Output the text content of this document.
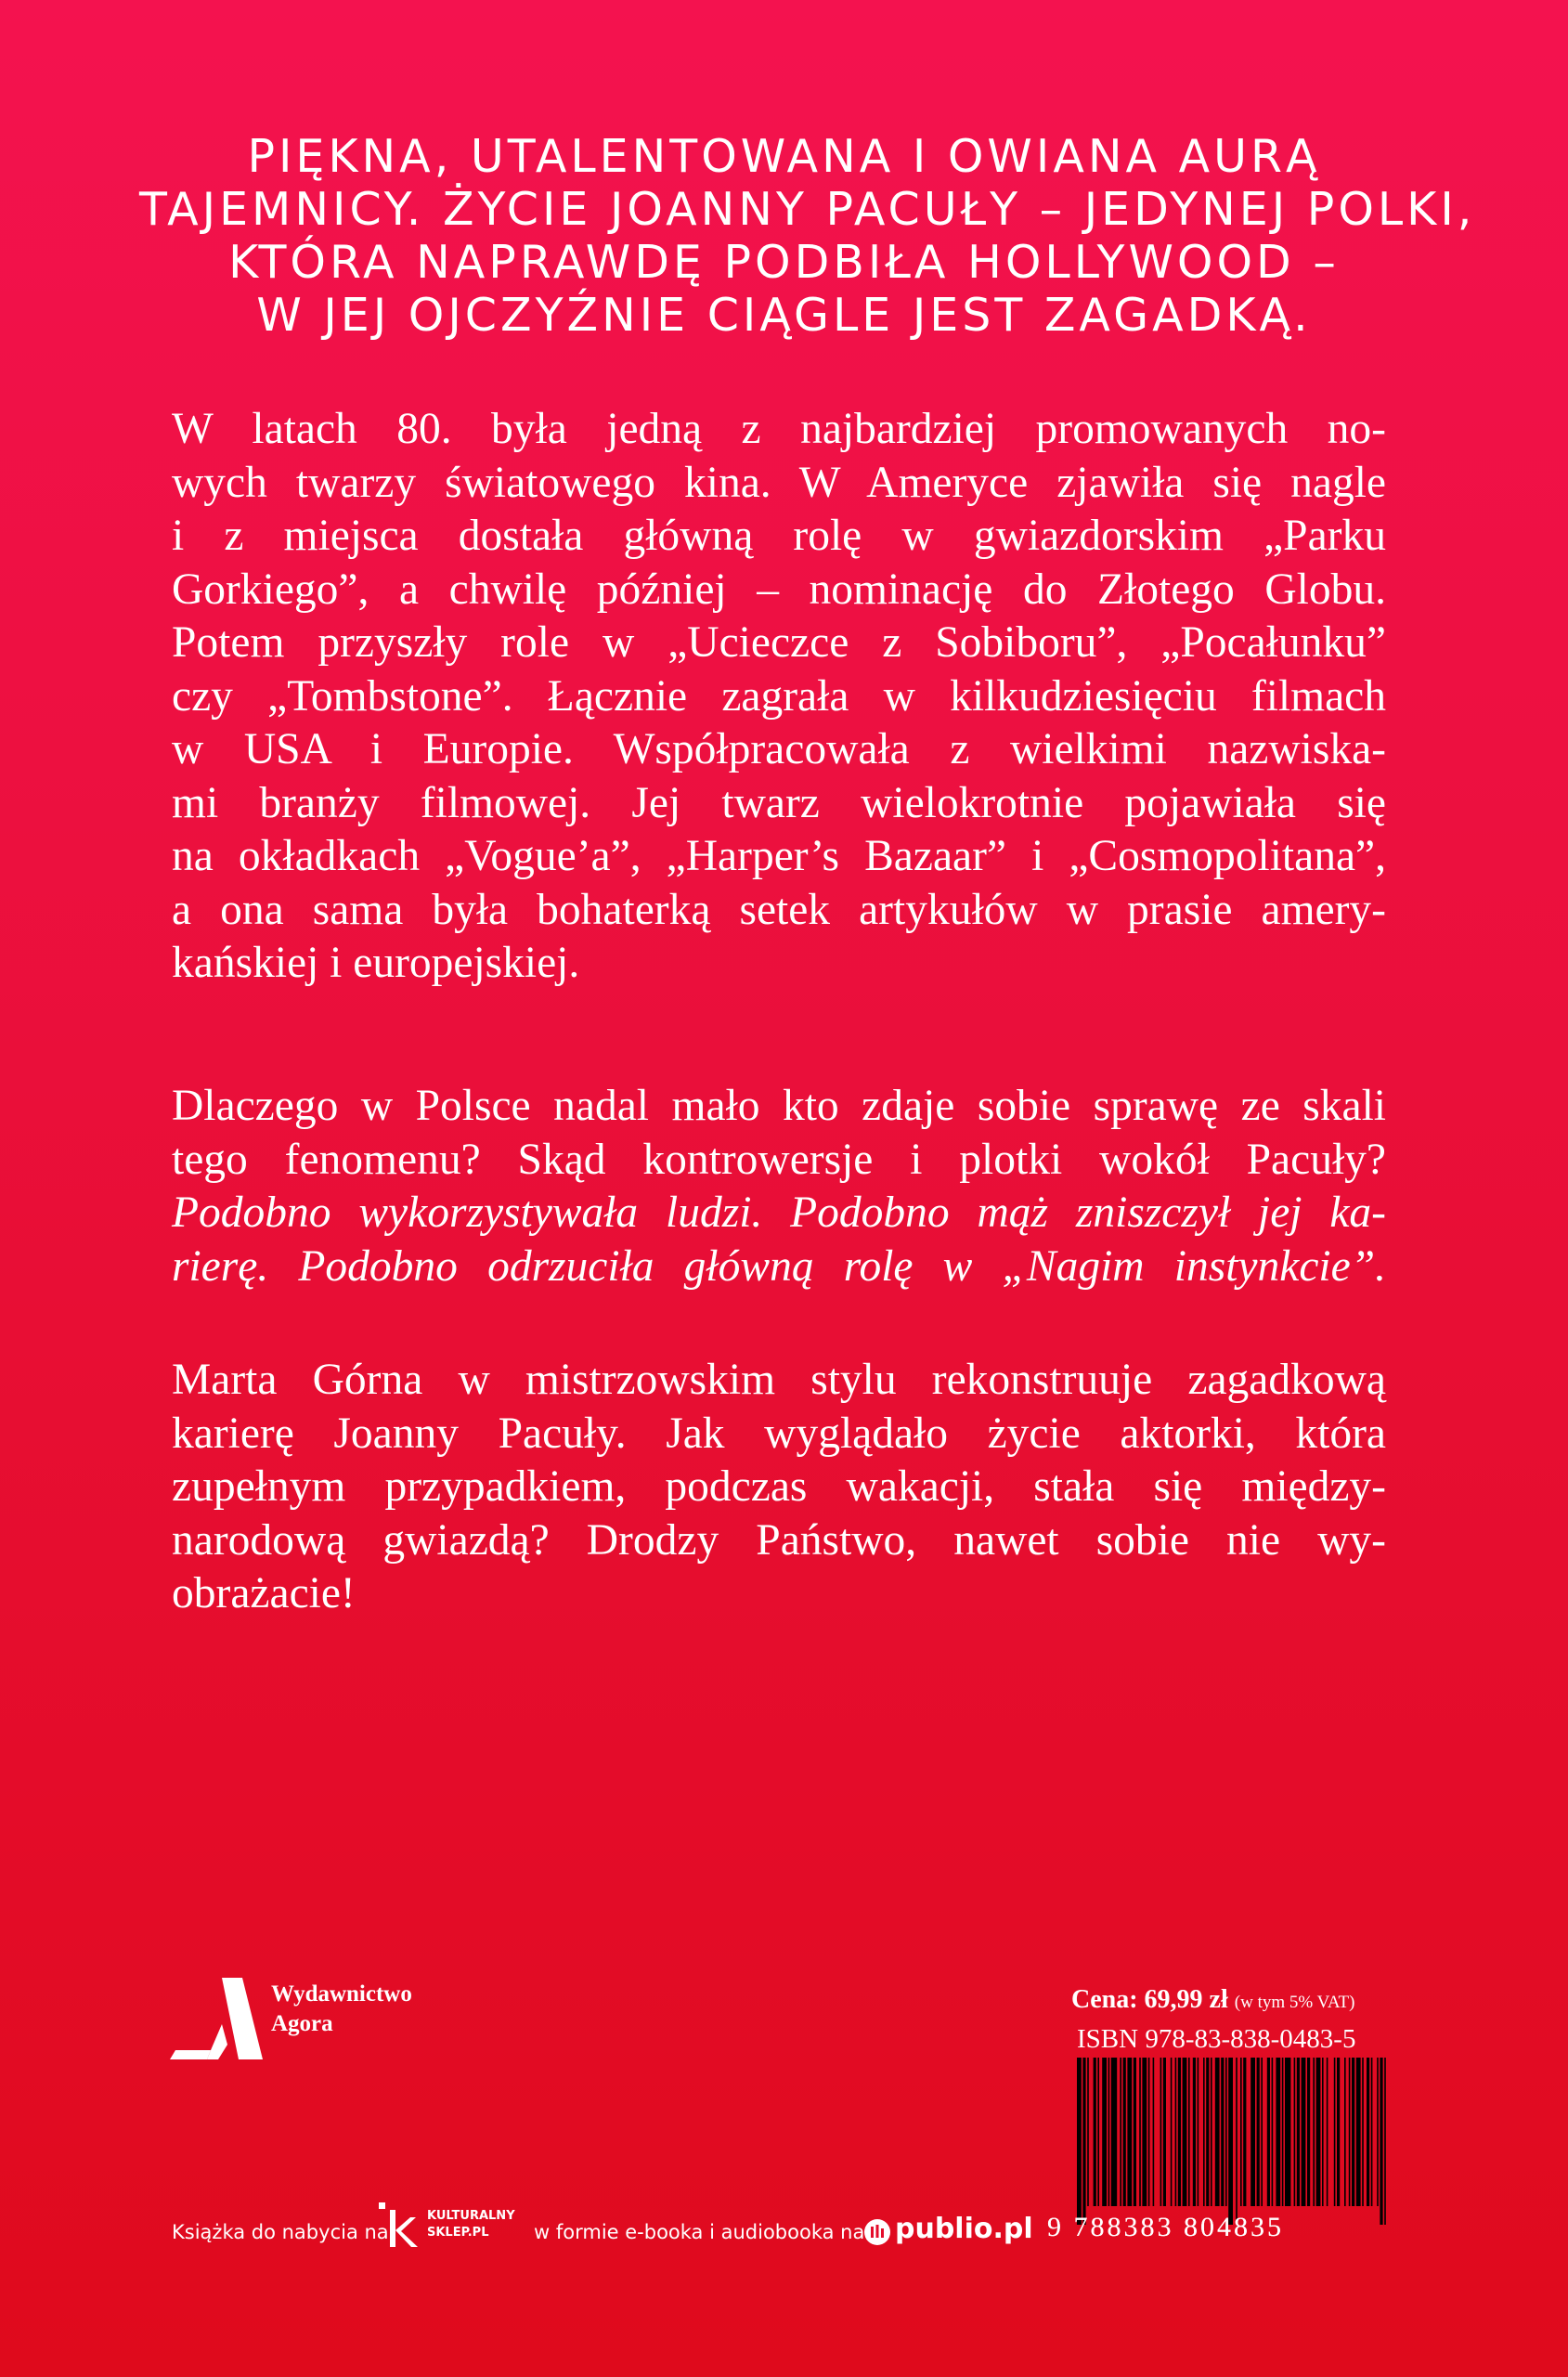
PIĘKNA, UTALENTOWANA I OWIANA AURĄ
TAJEMNICY. ŻYCIE JOANNY PACUŁY – JEDYNEJ POLKI,
KTÓRA NAPRAWDĘ PODBIŁA HOLLYWOOD –
W JEJ OJCZYŹNIE CIĄGLE JEST ZAGADKĄ.
W latach 80. była jedną z najbardziej promowanych no-
wych twarzy światowego kina. W Ameryce zjawiła się nagle
i z miejsca dostała główną rolę w gwiazdorskim „Parku
Gorkiego”, a chwilę później – nominację do Złotego Globu.
Potem przyszły role w „Ucieczce z Sobiboru”, „Pocałunku”
czy „Tombstone”. Łącznie zagrała w kilkudziesięciu filmach
w USA i Europie. Współpracowała z wielkimi nazwiska-
mi branży filmowej. Jej twarz wielokrotnie pojawiała się
na okładkach „Vogue’a”, „Harper’s Bazaar” i „Cosmopolitana”,
a ona sama była bohaterką setek artykułów w prasie amery-
kańskiej i europejskiej.
Dlaczego w Polsce nadal mało kto zdaje sobie sprawę ze skali
tego fenomenu? Skąd kontrowersje i plotki wokół Pacuły?
Podobno wykorzystywała ludzi. Podobno mąż zniszczył jej ka-
rierę. Podobno odrzuciła główną rolę w „Nagim instynkcie”.
Marta Górna w mistrzowskim stylu rekonstruuje zagadkową
karierę Joanny Pacuły. Jak wyglądało życie aktorki, która
zupełnym przypadkiem, podczas wakacji, stała się między-
narodową gwiazdą? Drodzy Państwo, nawet sobie nie wy-
obrażacie!
Wydawnictwo
Agora
Cena: 69,99 zł (w tym 5% VAT)
ISBN 978-83-838-0483-5
9 788383 804835
Książka do nabycia na
KULTURALNY
SKLEP.PL	w formie e-booka i audiobooka na publio.pl
